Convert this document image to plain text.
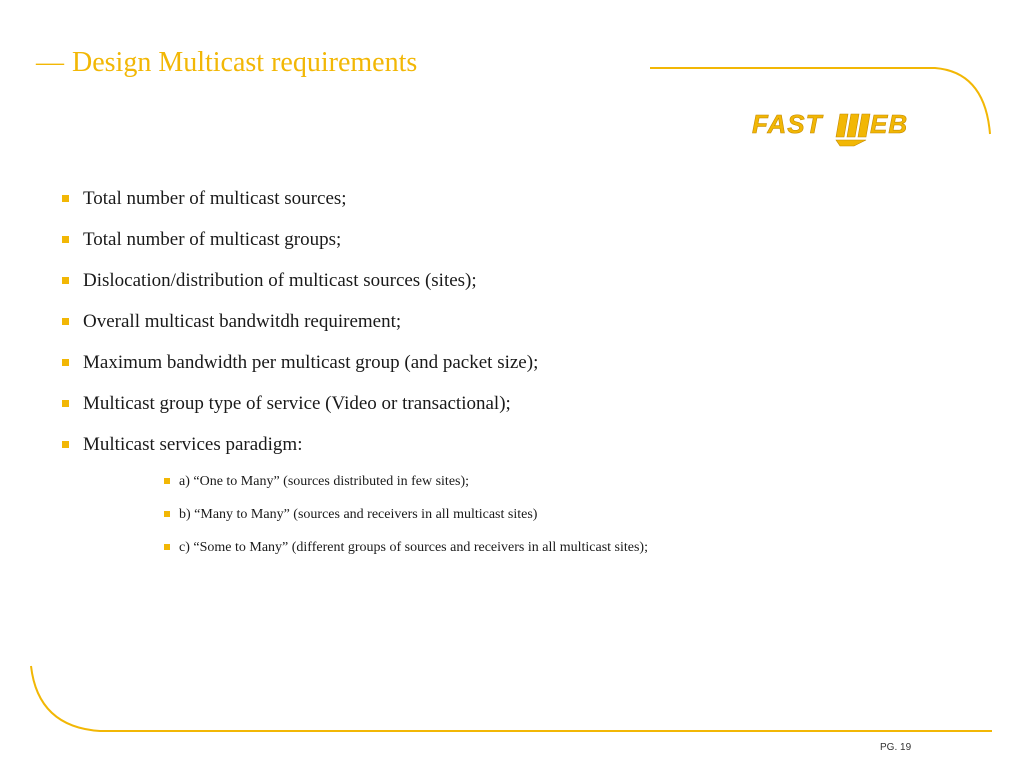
— Design Multicast requirements
FAST EB
Total number of multicast sources;
Total number of multicast groups;
Dislocation/distribution of multicast sources (sites);
Overall multicast bandwitdh requirement;
Maximum bandwidth per multicast group (and packet size);
Multicast group type of service (Video or transactional);
Multicast services paradigm:
a) “One to Many” (sources distributed in few sites);
b) “Many to Many” (sources and receivers in all multicast sites)
c) “Some to Many” (different groups of sources and receivers in all multicast sites);
PG. 19
